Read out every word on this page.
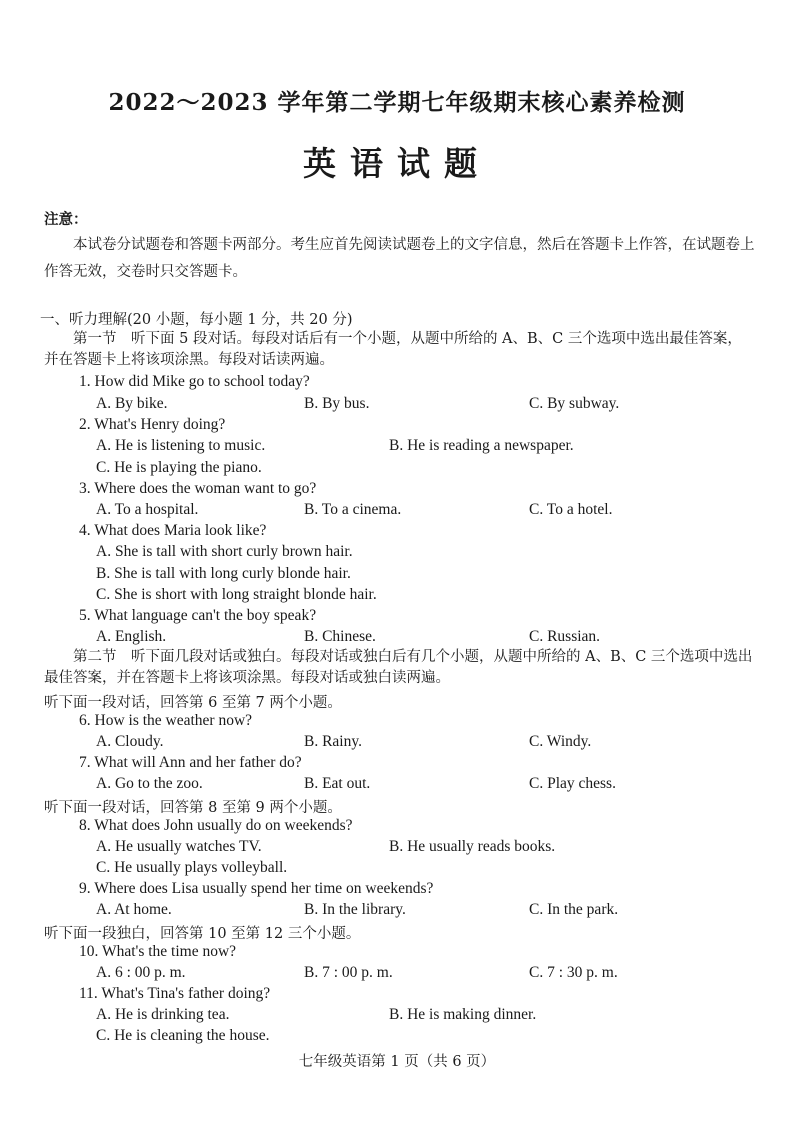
2022～2023 学年第二学期七年级期末核心素养检测
英语试题
注意：
本试卷分试题卷和答题卡两部分。考生应首先阅读试题卷上的文字信息，然后在答题卡上作答，在试题卷上作答无效，交卷时只交答题卡。
一、听力理解(20 小题，每小题 1 分，共 20 分)
第一节　听下面 5 段对话。每段对话后有一个小题，从题中所给的 A、B、C 三个选项中选出最佳答案，并在答题卡上将该项涂黑。每段对话读两遍。
1. How did Mike go to school today?
A. By bike.	B. By bus.	C. By subway.
2. What's Henry doing?
A. He is listening to music.	B. He is reading a newspaper.
C. He is playing the piano.
3. Where does the woman want to go?
A. To a hospital.	B. To a cinema.	C. To a hotel.
4. What does Maria look like?
A. She is tall with short curly brown hair.
B. She is tall with long curly blonde hair.
C. She is short with long straight blonde hair.
5. What language can't the boy speak?
A. English.	B. Chinese.	C. Russian.
第二节　听下面几段对话或独白。每段对话或独白后有几个小题，从题中所给的 A、B、C 三个选项中选出最佳答案，并在答题卡上将该项涂黑。每段对话或独白读两遍。
听下面一段对话，回答第 6 至第 7 两个小题。
6. How is the weather now?
A. Cloudy.	B. Rainy.	C. Windy.
7. What will Ann and her father do?
A. Go to the zoo.	B. Eat out.	C. Play chess.
听下面一段对话，回答第 8 至第 9 两个小题。
8. What does John usually do on weekends?
A. He usually watches TV.	B. He usually reads books.
C. He usually plays volleyball.
9. Where does Lisa usually spend her time on weekends?
A. At home.	B. In the library.	C. In the park.
听下面一段独白，回答第 10 至第 12 三个小题。
10. What's the time now?
A. 6 : 00 p. m.	B. 7 : 00 p. m.	C. 7 : 30 p. m.
11. What's Tina's father doing?
A. He is drinking tea.	B. He is making dinner.
C. He is cleaning the house.
七年级英语第 1 页（共 6 页）
